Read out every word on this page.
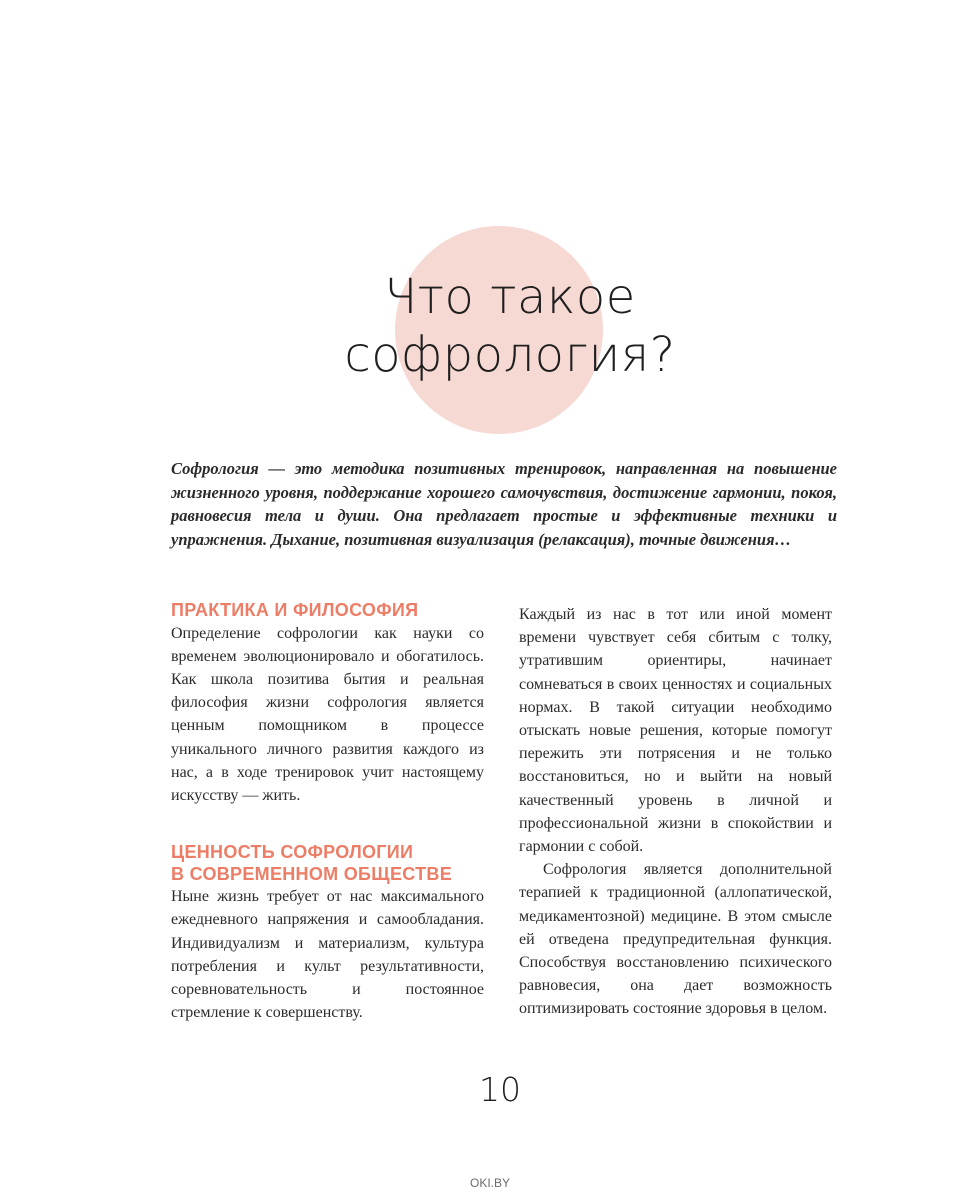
Что такое
софрология?

Софрология — это методика позитивных тренировок, направленная на повышение жизненного уровня, поддержание хорошего самочувствия, достижение гармонии, покоя, равновесия тела и души. Она предлагает простые и эффективные техники и упражнения. Дыхание, позитивная визуализация (релаксация), точные движения…

ПРАКТИКА И ФИЛОСОФИЯ

Определение софрологии как науки со временем эволюционировало и обогатилось. Как школа позитива бытия и реальная философия жизни софрология является ценным помощником в процессе уникального личного развития каждого из нас, а в ходе тренировок учит настоящему искусству — жить.

ЦЕННОСТЬ СОФРОЛОГИИ
В СОВРЕМЕННОМ ОБЩЕСТВЕ

Ныне жизнь требует от нас максимального ежедневного напряжения и самообладания. Индивидуализм и материализм, культура потребления и культ результативности, соревновательность и постоянное стремление к совершенству.

Каждый из нас в тот или иной момент времени чувствует себя сбитым с толку, утратившим ориентиры, начинает сомневаться в своих ценностях и социальных нормах. В такой ситуации необходимо отыскать новые решения, которые помогут пережить эти потрясения и не только восстановиться, но и выйти на новый качественный уровень в личной и профессиональной жизни в спокойствии и гармонии с собой.

Софрология является дополнительной терапией к традиционной (аллопатической, медикаментозной) медицине. В этом смысле ей отведена предупредительная функция. Способствуя восстановлению психического равновесия, она дает возможность оптимизировать состояние здоровья в целом.

10
OKI.BY
